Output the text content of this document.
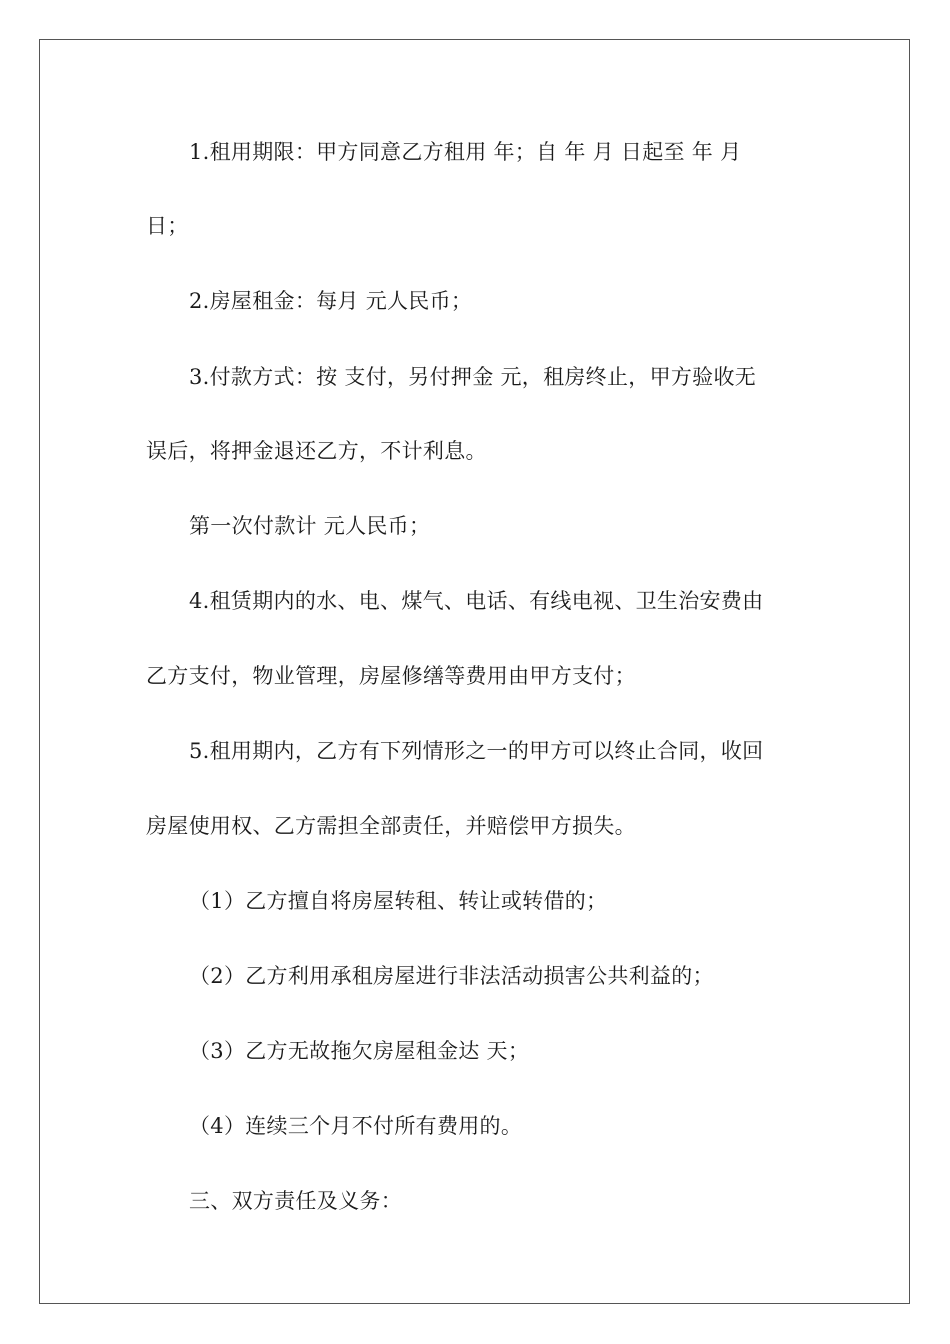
1.租用期限：甲方同意乙方租用 年；自 年 月 日起至 年 月
日；
2.房屋租金：每月 元人民币；
3.付款方式：按 支付，另付押金 元，租房终止，甲方验收无
误后，将押金退还乙方，不计利息。
第一次付款计 元人民币；
4.租赁期内的水、电、煤气、电话、有线电视、卫生治安费由
乙方支付，物业管理，房屋修缮等费用由甲方支付；
5.租用期内，乙方有下列情形之一的甲方可以终止合同，收回
房屋使用权、乙方需担全部责任，并赔偿甲方损失。
（1）乙方擅自将房屋转租、转让或转借的；
（2）乙方利用承租房屋进行非法活动损害公共利益的；
（3）乙方无故拖欠房屋租金达 天；
（4）连续三个月不付所有费用的。
三、双方责任及义务：
